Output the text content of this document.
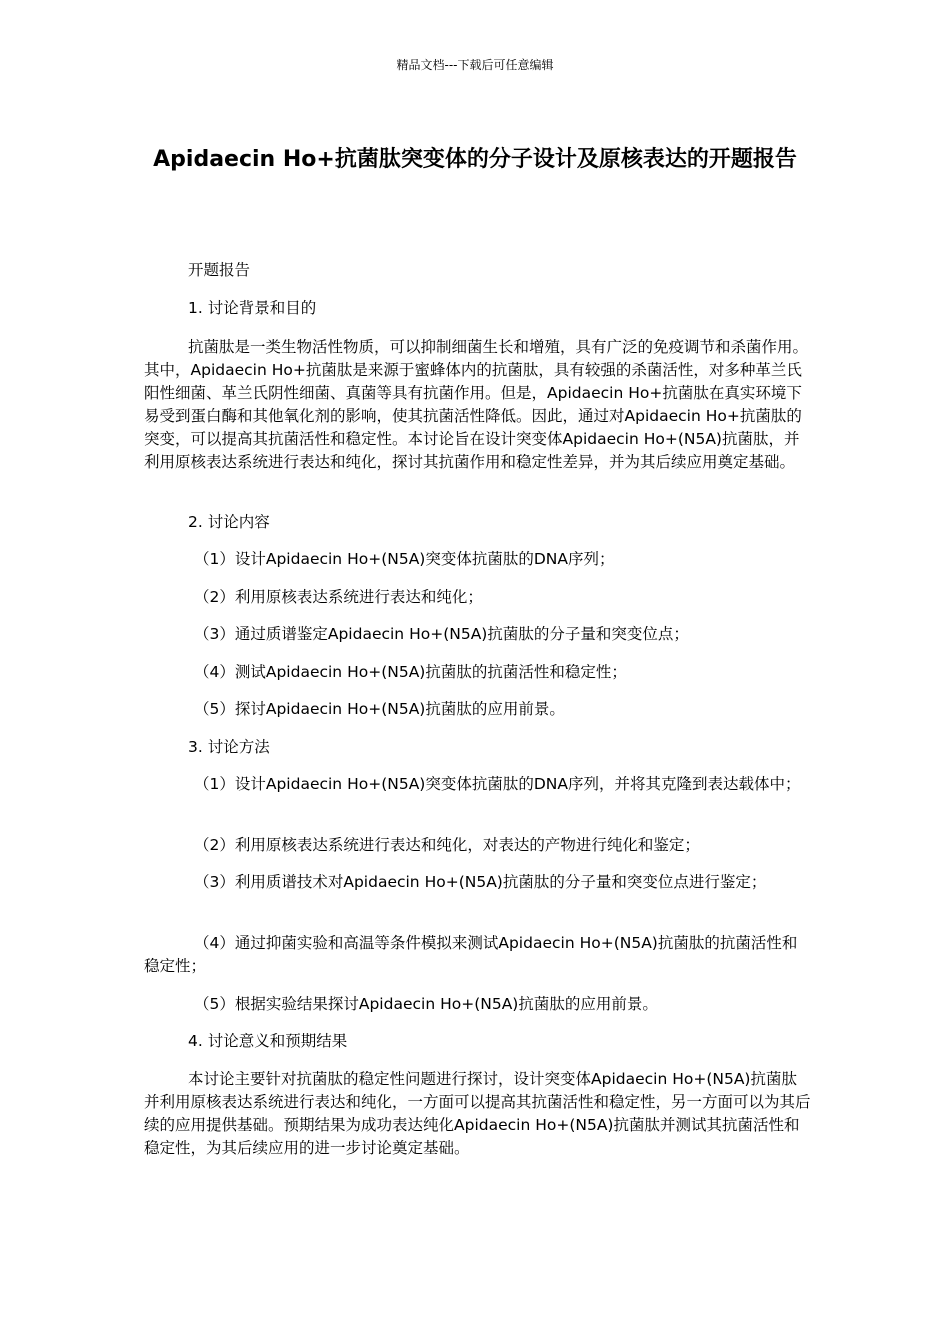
精品文档---下载后可任意编辑
Apidaecin Ho+抗菌肽突变体的分子设计及原核表达的开题报告

开题报告

1. 讨论背景和目的

抗菌肽是一类生物活性物质，可以抑制细菌生长和增殖，具有广泛的免疫调节和杀菌作用。其中，Apidaecin Ho+抗菌肽是来源于蜜蜂体内的抗菌肽，具有较强的杀菌活性，对多种革兰氏阳性细菌、革兰氏阴性细菌、真菌等具有抗菌作用。但是，Apidaecin Ho+抗菌肽在真实环境下易受到蛋白酶和其他氧化剂的影响，使其抗菌活性降低。因此，通过对Apidaecin Ho+抗菌肽的突变，可以提高其抗菌活性和稳定性。本讨论旨在设计突变体Apidaecin Ho+(N5A)抗菌肽，并利用原核表达系统进行表达和纯化，探讨其抗菌作用和稳定性差异，并为其后续应用奠定基础。

2. 讨论内容

（1）设计Apidaecin Ho+(N5A)突变体抗菌肽的DNA序列；

（2）利用原核表达系统进行表达和纯化；

（3）通过质谱鉴定Apidaecin Ho+(N5A)抗菌肽的分子量和突变位点；

（4）测试Apidaecin Ho+(N5A)抗菌肽的抗菌活性和稳定性；

（5）探讨Apidaecin Ho+(N5A)抗菌肽的应用前景。

3. 讨论方法

（1）设计Apidaecin Ho+(N5A)突变体抗菌肽的DNA序列，并将其克隆到表达载体中；

（2）利用原核表达系统进行表达和纯化，对表达的产物进行纯化和鉴定；

（3）利用质谱技术对Apidaecin Ho+(N5A)抗菌肽的分子量和突变位点进行鉴定；

（4）通过抑菌实验和高温等条件模拟来测试Apidaecin Ho+(N5A)抗菌肽的抗菌活性和稳定性；

（5）根据实验结果探讨Apidaecin Ho+(N5A)抗菌肽的应用前景。

4. 讨论意义和预期结果

本讨论主要针对抗菌肽的稳定性问题进行探讨，设计突变体Apidaecin Ho+(N5A)抗菌肽并利用原核表达系统进行表达和纯化，一方面可以提高其抗菌活性和稳定性，另一方面可以为其后续的应用提供基础。预期结果为成功表达纯化Apidaecin Ho+(N5A)抗菌肽并测试其抗菌活性和稳定性，为其后续应用的进一步讨论奠定基础。
